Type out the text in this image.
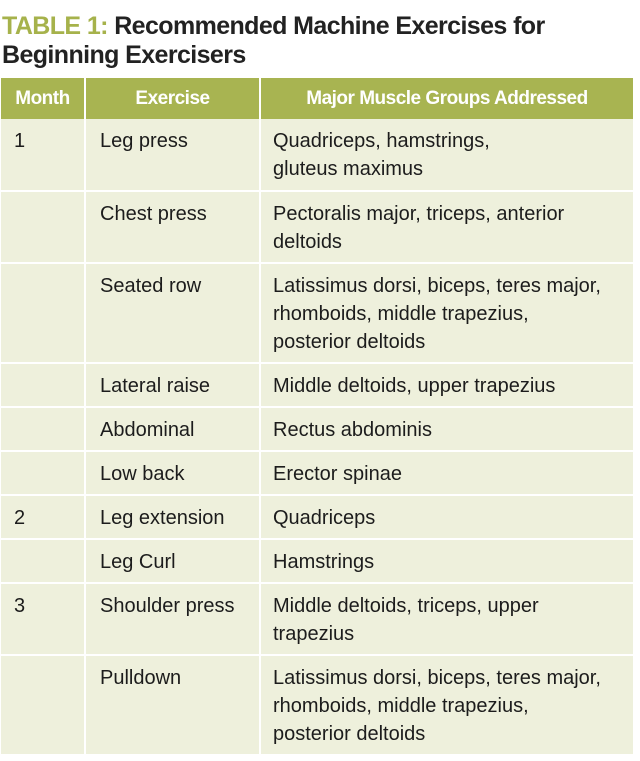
TABLE 1: Recommended Machine Exercises for
Beginning Exercisers
Month	Exercise	Major Muscle Groups Addressed
1	Leg press	Quadriceps, hamstrings,
gluteus maximus

	Chest press	Pectoralis major, triceps, anterior
deltoids

	Seated row	Latissimus dorsi, biceps, teres major,
rhomboids, middle trapezius,
posterior deltoids

	Lateral raise	Middle deltoids, upper trapezius

	Abdominal	Rectus abdominis

	Low back	Erector spinae

2	Leg extension	Quadriceps

	Leg Curl	Hamstrings

3	Shoulder press	Middle deltoids, triceps, upper
trapezius

	Pulldown	Latissimus dorsi, biceps, teres major,
rhomboids, middle trapezius,
posterior deltoids
